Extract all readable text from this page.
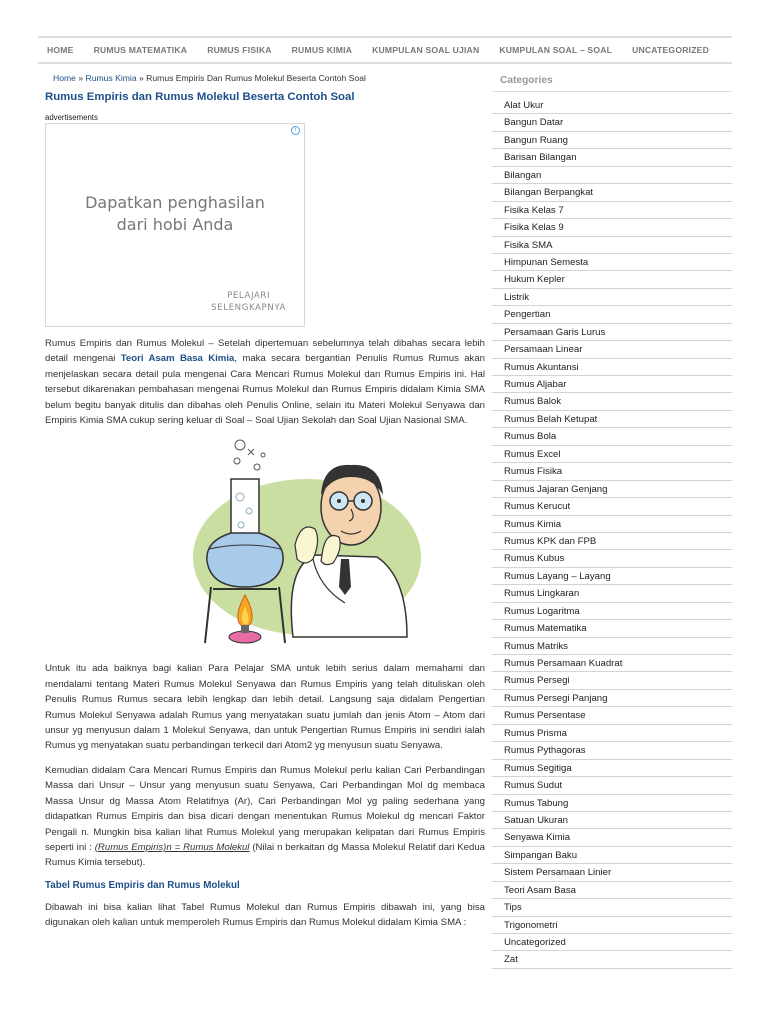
HOME RUMUS MATEMATIKA RUMUS FISIKA RUMUS KIMIA KUMPULAN SOAL UJIAN KUMPULAN SOAL – SOAL UNCATEGORIZED
Home » Rumus Kimia » Rumus Empiris Dan Rumus Molekul Beserta Contoh Soal
Rumus Empiris dan Rumus Molekul Beserta Contoh Soal
advertisements
i
Dapatkan penghasilan
dari hobi Anda
PELAJARI
SELENGKAPNYA

Rumus Empiris dan Rumus Molekul – Setelah dipertemuan sebelumnya telah dibahas secara lebih detail mengenai Teori Asam Basa Kimia, maka secara bergantian Penulis Rumus Rumus akan menjelaskan secara detail pula mengenai Cara Mencari Rumus Molekul dan Rumus Empiris ini. Hal tersebut dikarenakan pembahasan mengenai Rumus Molekul dan Rumus Empiris didalam Kimia SMA belum begitu banyak ditulis dan dibahas oleh Penulis Online, selain itu Materi Molekul Senyawa dan Empiris Kimia SMA cukup sering keluar di Soal – Soal Ujian Sekolah dan Soal Ujian Nasional SMA.

Untuk itu ada baiknya bagi kalian Para Pelajar SMA untuk lebih serius dalam memahami dan mendalami tentang Materi Rumus Molekul Senyawa dan Rumus Empiris yang telah dituliskan oleh Penulis Rumus Rumus secara lebih lengkap dan lebih detail. Langsung saja didalam Pengertian Rumus Molekul Senyawa adalah Rumus yang menyatakan suatu jumlah dan jenis Atom – Atom dari unsur yg menyusun dalam 1 Molekul Senyawa, dan untuk Pengertian Rumus Empiris ini sendiri ialah Rumus yg menyatakan suatu perbandingan terkecil dari Atom2 yg menyusun suatu Senyawa.

Kemudian didalam Cara Mencari Rumus Empiris dan Rumus Molekul perlu kalian Cari Perbandingan Massa dari Unsur – Unsur yang menyusun suatu Senyawa, Cari Perbandingan Mol dg membaca Massa Unsur dg Massa Atom Relatifnya (Ar), Cari Perbandingan Mol yg paling sederhana yang didapatkan Rumus Empiris dan bisa dicari dengan menentukan Rumus Molekul dg mencari Faktor Pengali n. Mungkin bisa kalian lihat Rumus Molekul yang merupakan kelipatan dari Rumus Empiris seperti ini : (Rumus Empiris)n = Rumus Molekul (Nilai n berkaitan dg Massa Molekul Relatif dari Kedua Rumus Kimia tersebut).

Tabel Rumus Empiris dan Rumus Molekul

Dibawah ini bisa kalian lihat Tabel Rumus Molekul dan Rumus Empiris dibawah ini, yang bisa digunakan oleh kalian untuk memperoleh Rumus Empiris dan Rumus Molekul didalam Kimia SMA :

Categories
Alat Ukur
Bangun Datar
Bangun Ruang
Barisan Bilangan
Bilangan
Bilangan Berpangkat
Fisika Kelas 7
Fisika Kelas 9
Fisika SMA
Himpunan Semesta
Hukum Kepler
Listrik
Pengertian
Persamaan Garis Lurus
Persamaan Linear
Rumus Akuntansi
Rumus Aljabar
Rumus Balok
Rumus Belah Ketupat
Rumus Bola
Rumus Excel
Rumus Fisika
Rumus Jajaran Genjang
Rumus Kerucut
Rumus Kimia
Rumus KPK dan FPB
Rumus Kubus
Rumus Layang – Layang
Rumus Lingkaran
Rumus Logaritma
Rumus Matematika
Rumus Matriks
Rumus Persamaan Kuadrat
Rumus Persegi
Rumus Persegi Panjang
Rumus Persentase
Rumus Prisma
Rumus Pythagoras
Rumus Segitiga
Rumus Sudut
Rumus Tabung
Satuan Ukuran
Senyawa Kimia
Simpangan Baku
Sistem Persamaan Linier
Teori Asam Basa
Tips
Trigonometri
Uncategorized
Zat
